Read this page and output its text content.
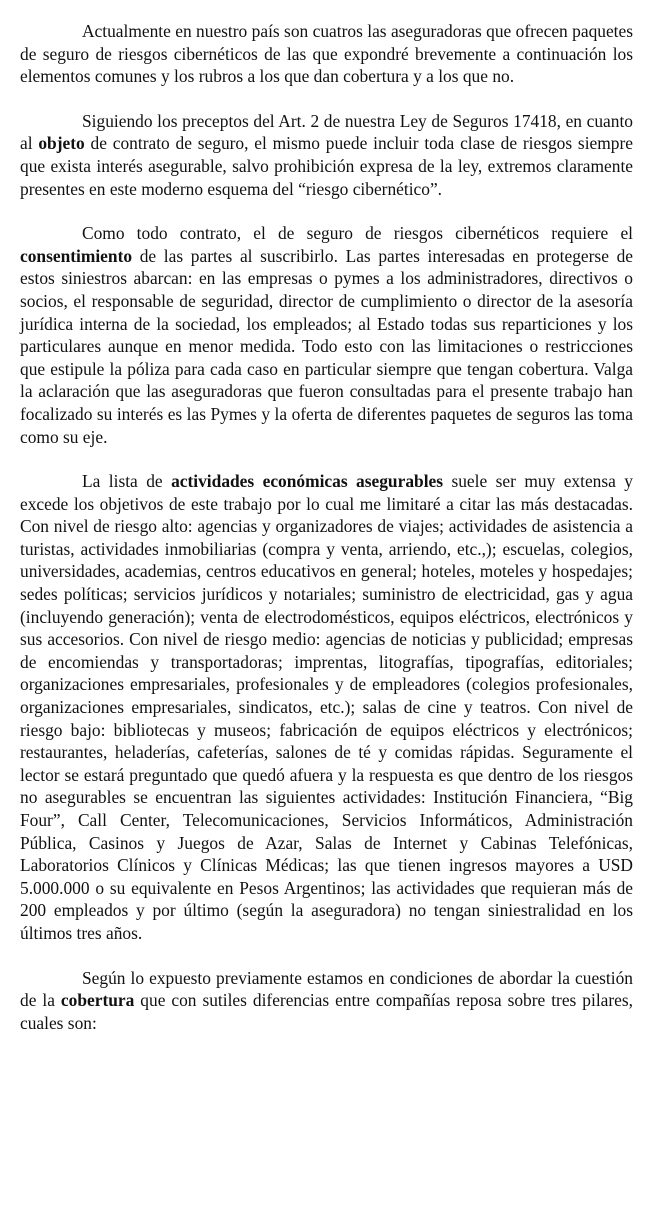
Actualmente en nuestro país son cuatros las aseguradoras que ofrecen paquetes de seguro de riesgos cibernéticos de las que expondré brevemente a continuación los elementos comunes y los rubros a los que dan cobertura y a los que no.

Siguiendo los preceptos del Art. 2 de nuestra Ley de Seguros 17418, en cuanto al objeto de contrato de seguro, el mismo puede incluir toda clase de riesgos siempre que exista interés asegurable, salvo prohibición expresa de la ley, extremos claramente presentes en este moderno esquema del “riesgo cibernético”.

Como todo contrato, el de seguro de riesgos cibernéticos requiere el consentimiento de las partes al suscribirlo. Las partes interesadas en protegerse de estos siniestros abarcan: en las empresas o pymes a los administradores, directivos o socios, el responsable de seguridad, director de cumplimiento o director de la asesoría jurídica interna de la sociedad, los empleados; al Estado todas sus reparticiones y los particulares aunque en menor medida. Todo esto con las limitaciones o restricciones que estipule la póliza para cada caso en particular siempre que tengan cobertura. Valga la aclaración que las aseguradoras que fueron consultadas para el presente trabajo han focalizado su interés es las Pymes y la oferta de diferentes paquetes de seguros las toma como su eje.

La lista de actividades económicas asegurables suele ser muy extensa y excede los objetivos de este trabajo por lo cual me limitaré a citar las más destacadas. Con nivel de riesgo alto: agencias y organizadores de viajes; actividades de asistencia a turistas, actividades inmobiliarias (compra y venta, arriendo, etc.,); escuelas, colegios, universidades, academias, centros educativos en general; hoteles, moteles y hospedajes; sedes políticas; servicios jurídicos y notariales; suministro de electricidad, gas y agua (incluyendo generación); venta de electrodomésticos, equipos eléctricos, electrónicos y sus accesorios. Con nivel de riesgo medio: agencias de noticias y publicidad; empresas de encomiendas y transportadoras; imprentas, litografías, tipografías, editoriales; organizaciones empresariales, profesionales y de empleadores (colegios profesionales, organizaciones empresariales, sindicatos, etc.); salas de cine y teatros. Con nivel de riesgo bajo: bibliotecas y museos; fabricación de equipos eléctricos y electrónicos; restaurantes, heladerías, cafeterías, salones de té y comidas rápidas. Seguramente el lector se estará preguntado que quedó afuera y la respuesta es que dentro de los riesgos no asegurables se encuentran las siguientes actividades: Institución Financiera, “Big Four”, Call Center, Telecomunicaciones, Servicios Informáticos, Administración Pública, Casinos y Juegos de Azar, Salas de Internet y Cabinas Telefónicas, Laboratorios Clínicos y Clínicas Médicas; las que tienen ingresos mayores a USD 5.000.000 o su equivalente en Pesos Argentinos; las actividades que requieran más de 200 empleados y por último (según la aseguradora) no tengan siniestralidad en los últimos tres años.

Según lo expuesto previamente estamos en condiciones de abordar la cuestión de la cobertura que con sutiles diferencias entre compañías reposa sobre tres pilares, cuales son:
